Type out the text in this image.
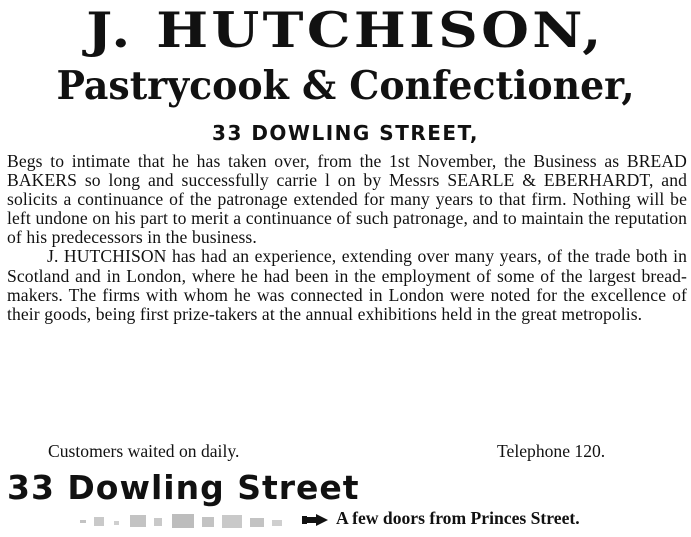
J. HUTCHISON,
Pastrycook & Confectioner,
33 DOWLING STREET,

Begs to intimate that he has taken over, from the 1st November, the Business as BREAD BAKERS so long and successfully carrie l on by Messrs SEARLE & EBERHARDT, and solicits a continuance of the patronage extended for many years to that firm. Nothing will be left undone on his part to merit a continuance of such patronage, and to maintain the reputation of his predecessors in the business.

J. HUTCHISON has had an experience, extending over many years, of the trade both in Scotland and in London, where he had been in the employment of some of the largest bread-makers. The firms with whom he was connected in London were noted for the excellence of their goods, being first prize-takers at the annual exhibitions held in the great metropolis.

Customers waited on daily.	Telephone 120.
33 Dowling Street
A few doors from Princes Street.
